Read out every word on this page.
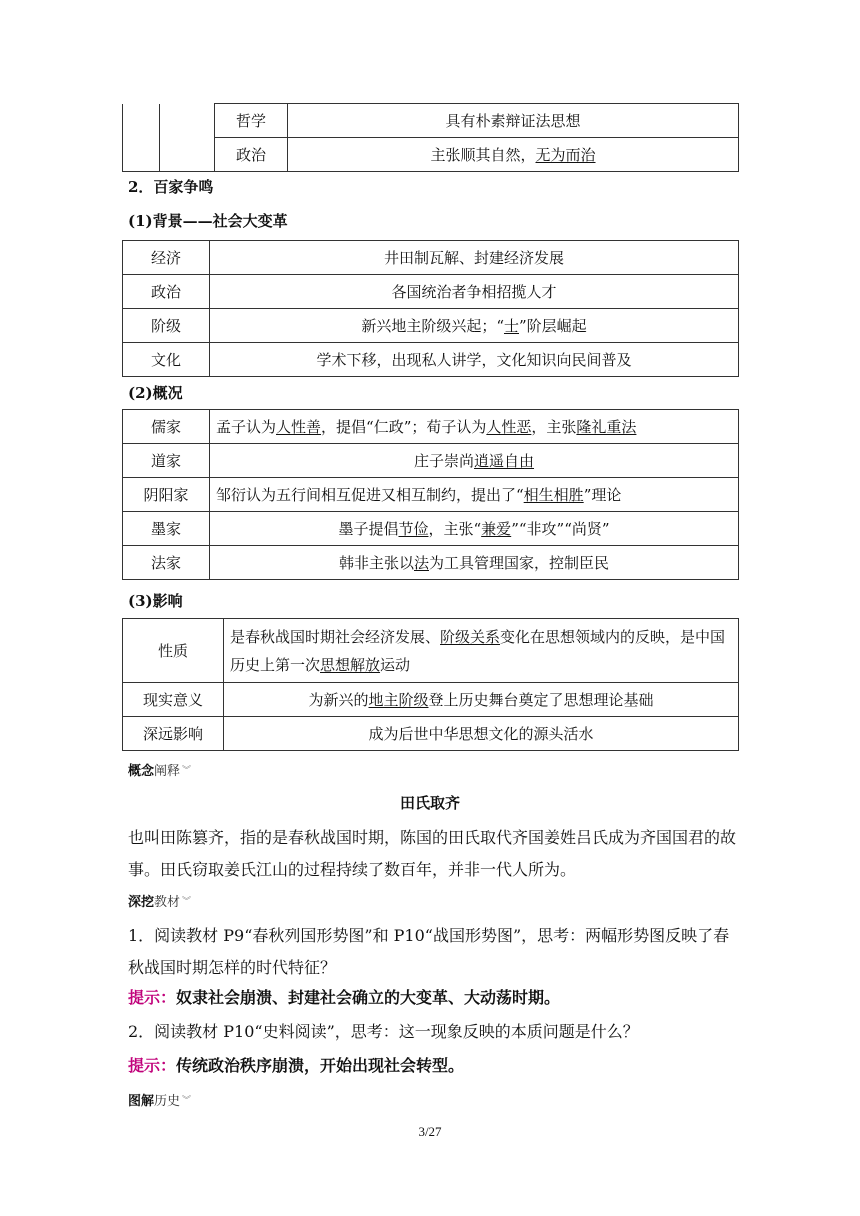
		哲学	具有朴素辩证法思想
		政治	主张顺其自然，无为而治
2．百家争鸣
(1)背景——社会大变革
经济	井田制瓦解、封建经济发展
政治	各国统治者争相招揽人才
阶级	新兴地主阶级兴起；“士”阶层崛起
文化	学术下移，出现私人讲学，文化知识向民间普及
(2)概况
儒家	孟子认为人性善，提倡“仁政”；荀子认为人性恶，主张隆礼重法
道家	庄子崇尚逍遥自由
阴阳家	邹衍认为五行间相互促进又相互制约，提出了“相生相胜”理论
墨家	墨子提倡节俭，主张“兼爱”“非攻”“尚贤”
法家	韩非主张以法为工具管理国家，控制臣民
(3)影响
性质	是春秋战国时期社会经济发展、阶级关系变化在思想领域内的反映，是中国历史上第一次思想解放运动
现实意义	为新兴的地主阶级登上历史舞台奠定了思想理论基础
深远影响	成为后世中华思想文化的源头活水
概念阐释 ︾
田氏取齐
也叫田陈篡齐，指的是春秋战国时期，陈国的田氏取代齐国姜姓吕氏成为齐国国君的故事。田氏窃取姜氏江山的过程持续了数百年，并非一代人所为。
深挖教材 ︾
1．阅读教材 P9“春秋列国形势图”和 P10“战国形势图”，思考：两幅形势图反映了春秋战国时期怎样的时代特征？
提示：奴隶社会崩溃、封建社会确立的大变革、大动荡时期。
2．阅读教材 P10“史料阅读”，思考：这一现象反映的本质问题是什么？
提示：传统政治秩序崩溃，开始出现社会转型。
图解历史 ︾
3/27
